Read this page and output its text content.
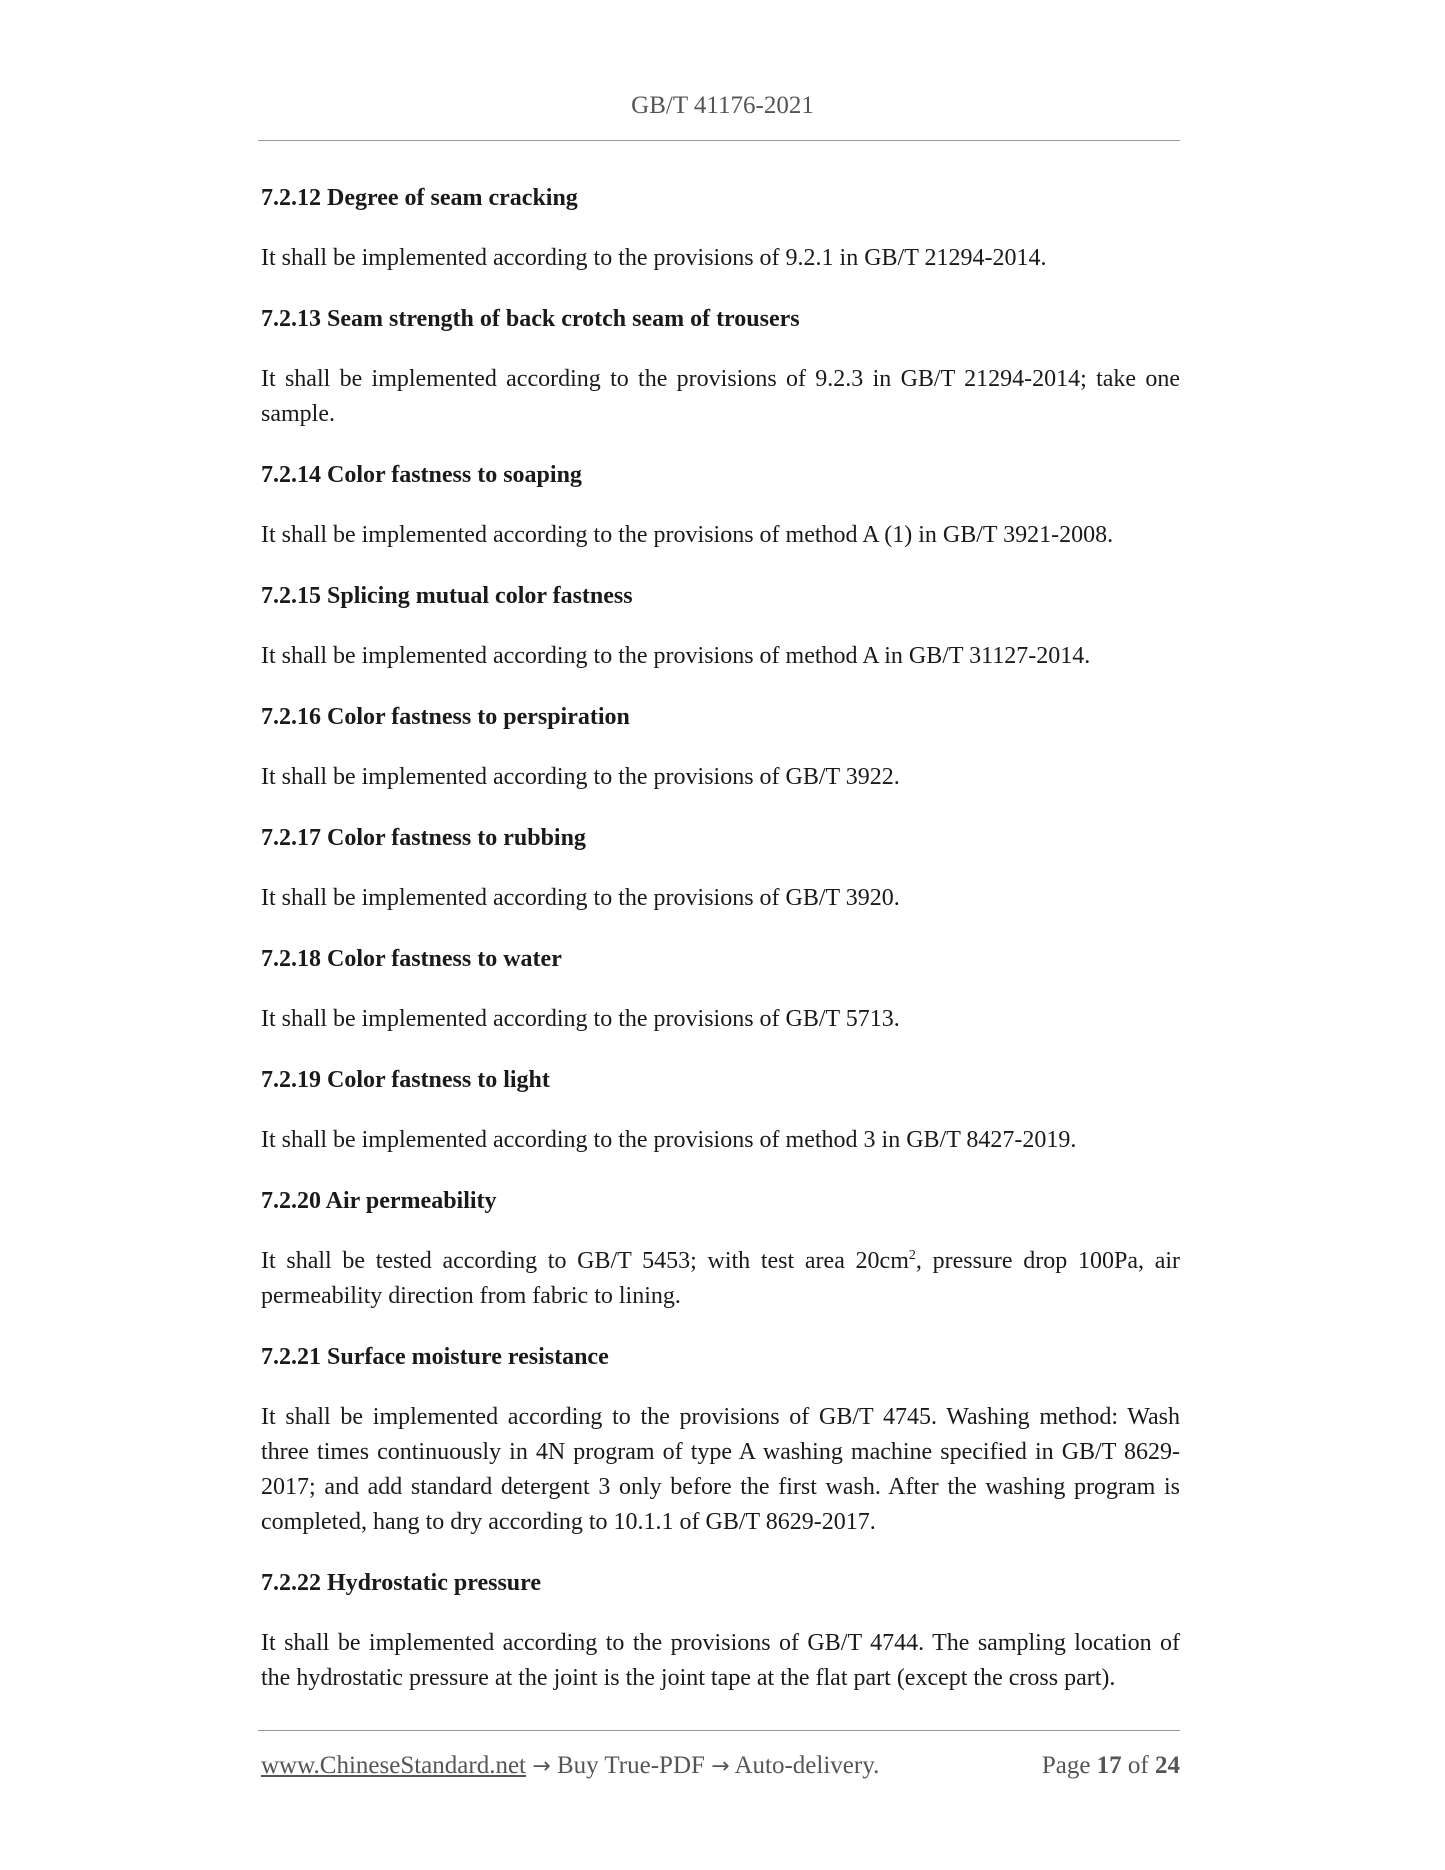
GB/T 41176-2021

7.2.12 Degree of seam cracking

It shall be implemented according to the provisions of 9.2.1 in GB/T 21294-2014.

7.2.13 Seam strength of back crotch seam of trousers

It shall be implemented according to the provisions of 9.2.3 in GB/T 21294-2014; take one sample.

7.2.14 Color fastness to soaping

It shall be implemented according to the provisions of method A (1) in GB/T 3921-2008.

7.2.15 Splicing mutual color fastness

It shall be implemented according to the provisions of method A in GB/T 31127-2014.

7.2.16 Color fastness to perspiration

It shall be implemented according to the provisions of GB/T 3922.

7.2.17 Color fastness to rubbing

It shall be implemented according to the provisions of GB/T 3920.

7.2.18 Color fastness to water

It shall be implemented according to the provisions of GB/T 5713.

7.2.19 Color fastness to light

It shall be implemented according to the provisions of method 3 in GB/T 8427-2019.

7.2.20 Air permeability

It shall be tested according to GB/T 5453; with test area $20cm^2$, pressure drop 100Pa, air permeability direction from fabric to lining.

7.2.21 Surface moisture resistance

It shall be implemented according to the provisions of GB/T 4745. Washing method: Wash three times continuously in 4N program of type A washing machine specified in GB/T 8629-2017; and add standard detergent 3 only before the first wash. After the washing program is completed, hang to dry according to 10.1.1 of GB/T 8629-2017.

7.2.22 Hydrostatic pressure

It shall be implemented according to the provisions of GB/T 4744. The sampling location of the hydrostatic pressure at the joint is the joint tape at the flat part (except the cross part).

www.ChineseStandard.net → Buy True-PDF → Auto-delivery.	Page 17 of 24
